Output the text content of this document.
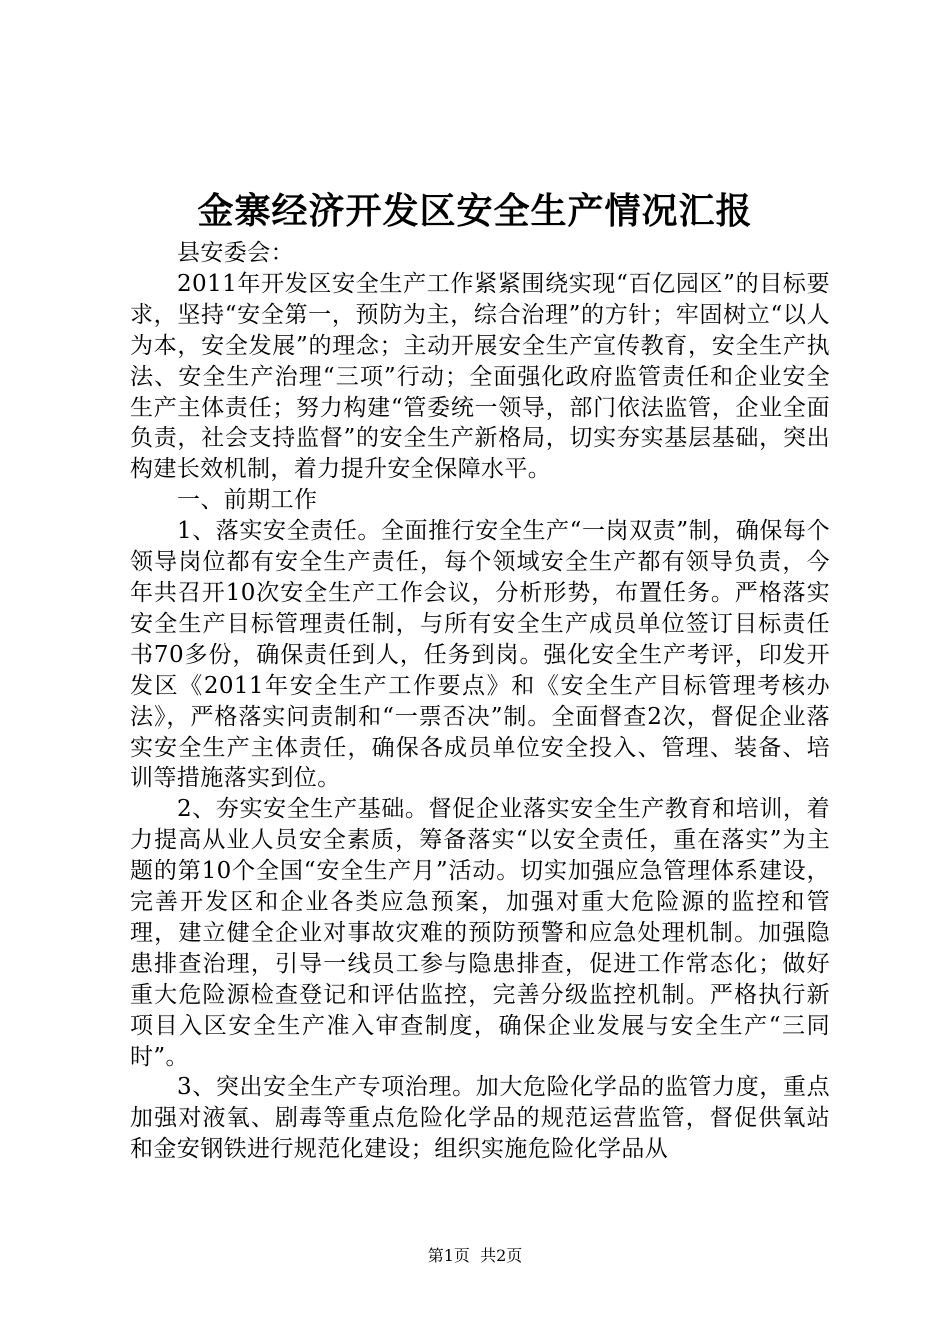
金寨经济开发区安全生产情况汇报

县安委会：

2011年开发区安全生产工作紧紧围绕实现“百亿园区”的目标要求，坚持“安全第一，预防为主，综合治理”的方针；牢固树立“以人为本，安全发展”的理念；主动开展安全生产宣传教育，安全生产执法、安全生产治理“三项”行动；全面强化政府监管责任和企业安全生产主体责任；努力构建“管委统一领导，部门依法监管，企业全面负责，社会支持监督”的安全生产新格局，切实夯实基层基础，突出构建长效机制，着力提升安全保障水平。

一、前期工作

1、落实安全责任。全面推行安全生产“一岗双责”制，确保每个领导岗位都有安全生产责任，每个领域安全生产都有领导负责，今年共召开10次安全生产工作会议，分析形势，布置任务。严格落实安全生产目标管理责任制，与所有安全生产成员单位签订目标责任书70多份，确保责任到人，任务到岗。强化安全生产考评，印发开发区《2011年安全生产工作要点》和《安全生产目标管理考核办法》，严格落实问责制和“一票否决”制。全面督查2次，督促企业落实安全生产主体责任，确保各成员单位安全投入、管理、装备、培训等措施落实到位。

2、夯实安全生产基础。督促企业落实安全生产教育和培训，着力提高从业人员安全素质，筹备落实“以安全责任，重在落实”为主题的第10个全国“安全生产月”活动。切实加强应急管理体系建设，完善开发区和企业各类应急预案，加强对重大危险源的监控和管理，建立健全企业对事故灾难的预防预警和应急处理机制。加强隐患排查治理，引导一线员工参与隐患排查，促进工作常态化；做好重大危险源检查登记和评估监控，完善分级监控机制。严格执行新项目入区安全生产准入审查制度，确保企业发展与安全生产“三同时”。

3、突出安全生产专项治理。加大危险化学品的监管力度，重点加强对液氧、剧毒等重点危险化学品的规范运营监管，督促供氧站和金安钢铁进行规范化建设；组织实施危险化学品从

第1页  共2页
